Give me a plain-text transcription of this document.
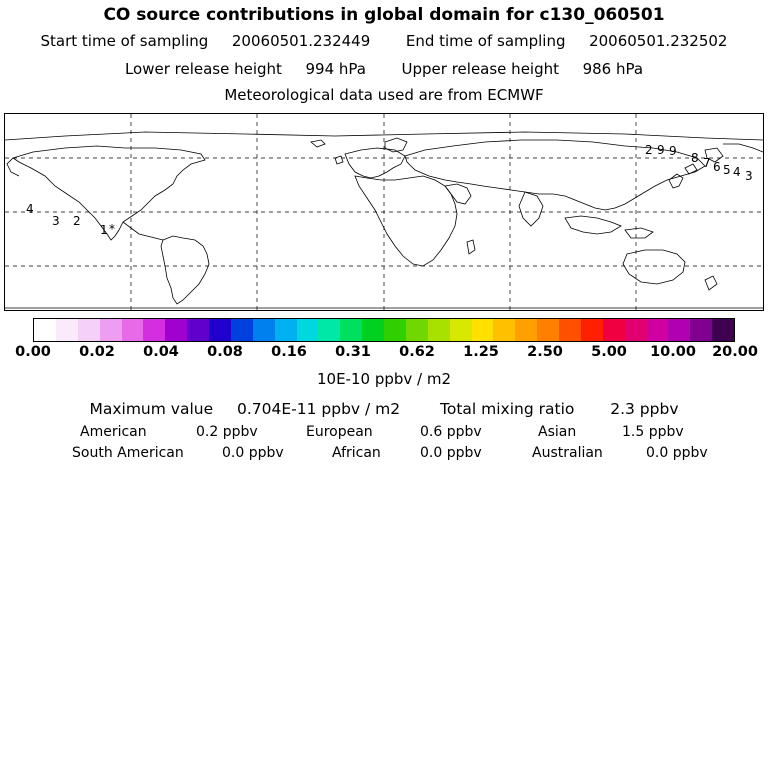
CO source contributions in global domain for c130_060501
Start time of sampling 20060501.232449 End time of sampling 20060501.232502
Lower release height 994 hPa Upper release height 986 hPa
Meteorological data used are from ECMWF
*
4
3 2
1
2 9 9 8 7 6 5 4 3
0.00 0.02 0.04 0.08 0.16 0.31 0.62 1.25 2.50 5.00 10.00 20.00
10E-10 ppbv / m2
Maximum value 0.704E-11 ppbv / m2	Total mixing ratio 2.3 ppbv
American	0.2 ppbv	European	0.6 ppbv	Asian	1.5 ppbv
South American	0.0 ppbv	African	0.0 ppbv	Australian	0.0 ppbv
